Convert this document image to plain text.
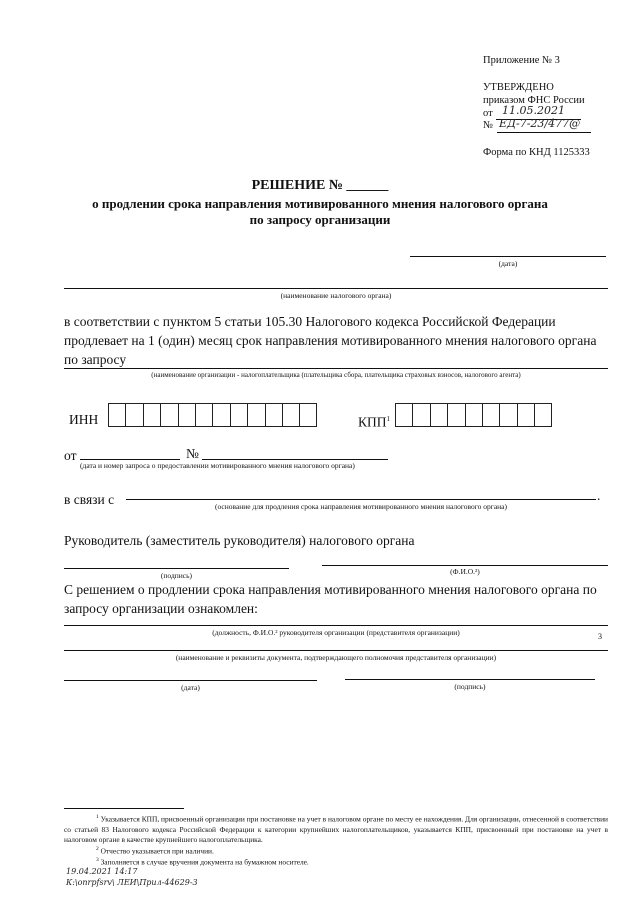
Приложение № 3
УТВЕРЖДЕНО
приказом ФНС России
от 11.05.2021
№ ЕД-7-23/477@
Форма по КНД 1125333
РЕШЕНИЕ № ______
о продлении срока направления мотивированного мнения налогового органа
по запросу организации
(дата)
(наименование налогового органа)
в соответствии с пунктом 5 статьи 105.30 Налогового кодекса Российской Федерации продлевает на 1 (один) месяц срок направления мотивированного мнения налогового органа по запросу
(наименование организации - налогоплательщика (плательщика сбора, плательщика страховых взносов, налогового агента)
ИНН	КПП$^1$
от	№
(дата и номер запроса о предоставлении мотивированного мнения налогового органа)
в связи с	.
(основание для продления срока направления мотивированного мнения налогового органа)
Руководитель (заместитель руководителя) налогового органа
(подпись)	(Ф.И.О.²)
С решением о продлении срока направления мотивированного мнения налогового органа по запросу организации ознакомлен:
(должность, Ф.И.О.² руководителя организации (представителя организации)	3
(наименование и реквизиты документа, подтверждающего полномочия представителя организации)
(дата)	(подпись)
$^1$ Указывается КПП, присвоенный организации при постановке на учет в налоговом органе по месту ее нахождения. Для организации, отнесенной в соответствии со статьей 83 Налогового кодекса Российской Федерации к категории крупнейших налогоплательщиков, указывается КПП, присвоенный при постановке на учет в налоговом органе в качестве крупнейшего налогоплательщика.
$^2$ Отчество указывается при наличии.
$^3$ Заполняется в случае вручения документа на бумажном носителе.
19.04.2021 14:17
К:\onrpfsrv\ ЛЕИ\Прил-44629-3
